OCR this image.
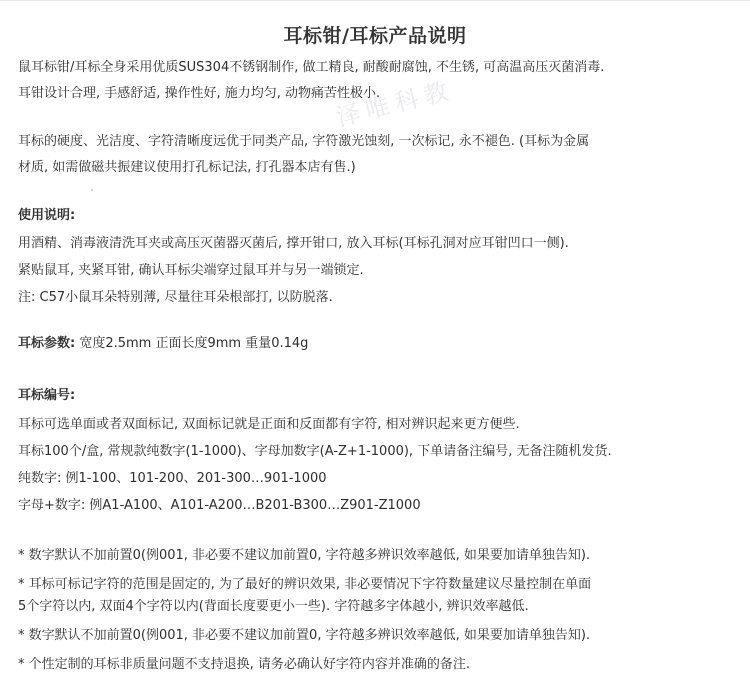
泽唯科教
耳标钳/耳标产品说明
鼠耳标钳/耳标全身采用优质SUS304不锈钢制作, 做工精良, 耐酸耐腐蚀, 不生锈, 可高温高压灭菌消毒.
耳钳设计合理, 手感舒适, 操作性好, 施力均匀, 动物痛苦性极小.
耳标的硬度、光洁度、字符清晰度远优于同类产品, 字符激光蚀刻, 一次标记, 永不褪色. (耳标为金属
材质, 如需做磁共振建议使用打孔标记法, 打孔器本店有售.)
使用说明:
用酒精、消毒液清洗耳夹或高压灭菌器灭菌后, 撑开钳口, 放入耳标(耳标孔洞对应耳钳凹口一侧).
紧贴鼠耳, 夹紧耳钳, 确认耳标尖端穿过鼠耳并与另一端锁定.
注: C57小鼠耳朵特别薄, 尽量往耳朵根部打, 以防脱落.
耳标参数: 宽度2.5mm 正面长度9mm 重量0.14g
耳标编号:
耳标可选单面或者双面标记, 双面标记就是正面和反面都有字符, 相对辨识起来更方便些.
耳标100个/盒, 常规款纯数字(1-1000)、字母加数字(A-Z+1-1000), 下单请备注编号, 无备注随机发货.
纯数字: 例1-100、101-200、201-300…901-1000
字母+数字: 例A1-A100、A101-A200…B201-B300…Z901-Z1000
* 数字默认不加前置0(例001, 非必要不建议加前置0, 字符越多辨识效率越低, 如果要加请单独告知).
* 耳标可标记字符的范围是固定的, 为了最好的辨识效果, 非必要情况下字符数量建议尽量控制在单面
5个字符以内, 双面4个字符以内(背面长度要更小一些). 字符越多字体越小, 辨识效率越低.
* 数字默认不加前置0(例001, 非必要不建议加前置0, 字符越多辨识效率越低, 如果要加请单独告知).
* 个性定制的耳标非质量问题不支持退换, 请务必确认好字符内容并准确的备注.
